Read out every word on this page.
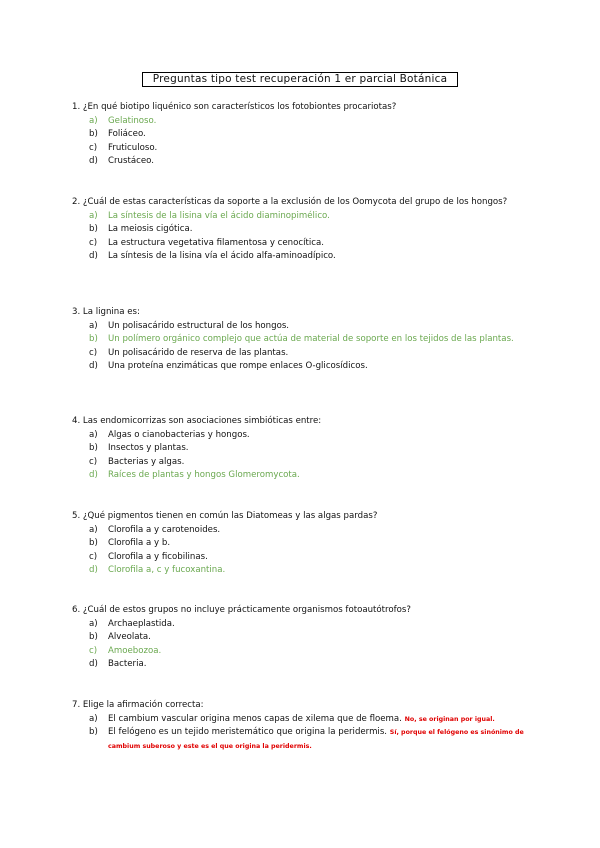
Preguntas tipo test recuperación 1 er parcial Botánica

1. ¿En qué biotipo liquénico son característicos los fotobiontes procariotas?

a) Gelatinoso.
b) Foliáceo.
c) Fruticuloso.
d) Crustáceo.

2. ¿Cuál de estas características da soporte a la exclusión de los Oomycota del grupo de los hongos?

a) La síntesis de la lisina vía el ácido diaminopimélico.
b) La meiosis cigótica.
c) La estructura vegetativa filamentosa y cenocítica.
d) La síntesis de la lisina vía el ácido alfa-aminoadípico.

3. La lignina es:

a) Un polisacárido estructural de los hongos.
b) Un polímero orgánico complejo que actúa de material de soporte en los tejidos de las plantas.
c) Un polisacárido de reserva de las plantas.
d) Una proteína enzimáticas que rompe enlaces O-glicosídicos.

4. Las endomicorrizas son asociaciones simbióticas entre:

a) Algas o cianobacterias y hongos.
b) Insectos y plantas.
c) Bacterias y algas.
d) Raíces de plantas y hongos Glomeromycota.

5. ¿Qué pigmentos tienen en común las Diatomeas y las algas pardas?

a) Clorofila a y carotenoides.
b) Clorofila a y b.
c) Clorofila a y ficobilinas.
d) Clorofila a, c y fucoxantina.

6. ¿Cuál de estos grupos no incluye prácticamente organismos fotoautótrofos?

a) Archaeplastida.
b) Alveolata.
c) Amoebozoa.
d) Bacteria.

7. Elige la afirmación correcta:

a) El cambium vascular origina menos capas de xilema que de floema. No, se originan por igual.
b) El felógeno es un tejido meristemático que origina la peridermis. Sí, porque el felógeno es sinónimo de cambium suberoso y este es el que origina la peridermis.
